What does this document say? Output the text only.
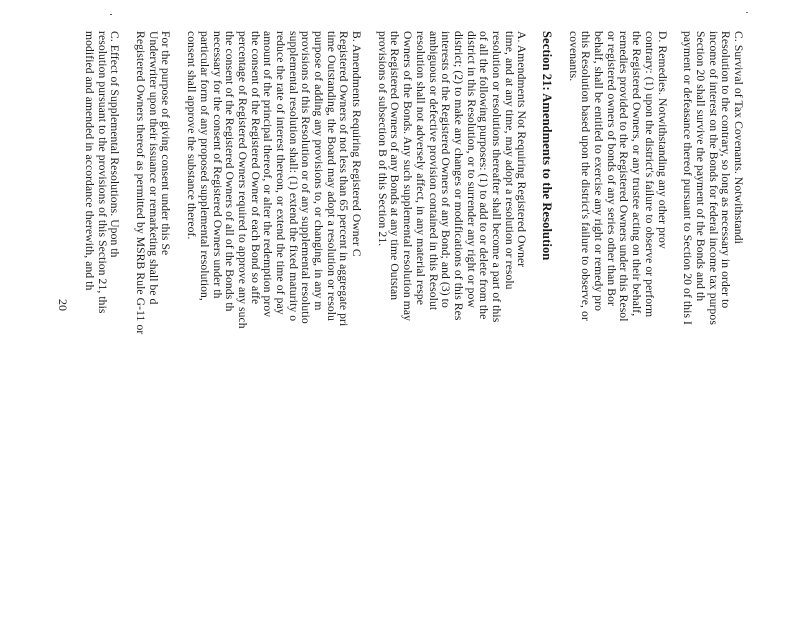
C. Survival of Tax Covenants. Notwithstandi
Resolution to the contrary, so long as necessary in order to
income of interest on the Bonds for federal income tax purpos
Section 20 shall survive the payment of the Bonds and th
payment or defeasance thereof pursuant to Section 20 of this I
D. Remedies. Notwithstanding any other prov
contrary: (1) upon the district's failure to observe or perform
the Registered Owners, or any trustee acting on their behalf,
remedies provided to the Registered Owners under this Resol
or registered owners of bonds of any series other than Bor
behalf, shall be entitled to exercise any right or remedy pro
this Resolution based upon the district's failure to observe, or
covenants.
Section 21: Amendments to the Resolution
A. Amendments Not Requiring Registered Owner
time, and at any time, may adopt a resolution or resolu
resolution or resolutions thereafter shall become a part of this
of all the following purposes: (1) to add to or delete from the
district in this Resolution, or to surrender any right or pow
district; (2) to make any changes or modifications of this Res
interests of the Registered Owners of any Bond; and (3) to
ambiguous or defective provision contained in this Resolut
resolution shall not adversely affect, in any material respe
Owners of the Bonds. Any such supplemental resolution may
the Registered Owners of any Bonds at any time Outstan
provisions of subsection B of this Section 21.
B. Amendments Requiring Registered Owner C
Registered Owners of not less than 65 percent in aggregate pri
time Outstanding, the Board may adopt a resolution or resolu
purpose of adding any provisions to, or changing, in any m
provisions of this Resolution or of any supplemental resolutio
supplemental resolution shall: (1) extend the fixed maturity o
reduce the rate of interest thereon, or extend the time of pay
amount of the principal thereof, or alter the redemption prov
the consent of the Registered Owner of each Bond so affe
percentage of Registered Owners required to approve any such
the consent of the Registered Owners of all of the Bonds th
necessary for the consent of Registered Owners under th
particular form of any proposed supplemental resolution,
consent shall approve the substance thereof.
For the purpose of giving consent under this Se
Underwriter upon their issuance or remarketing shall be d
Registered Owners thereof as permitted by MSRB Rule G-11 or
C. Effect of Supplemental Resolutions. Upon th
resolution pursuant to the provisions of this Section 21, this
modified and amended in accordance therewith, and th
20
